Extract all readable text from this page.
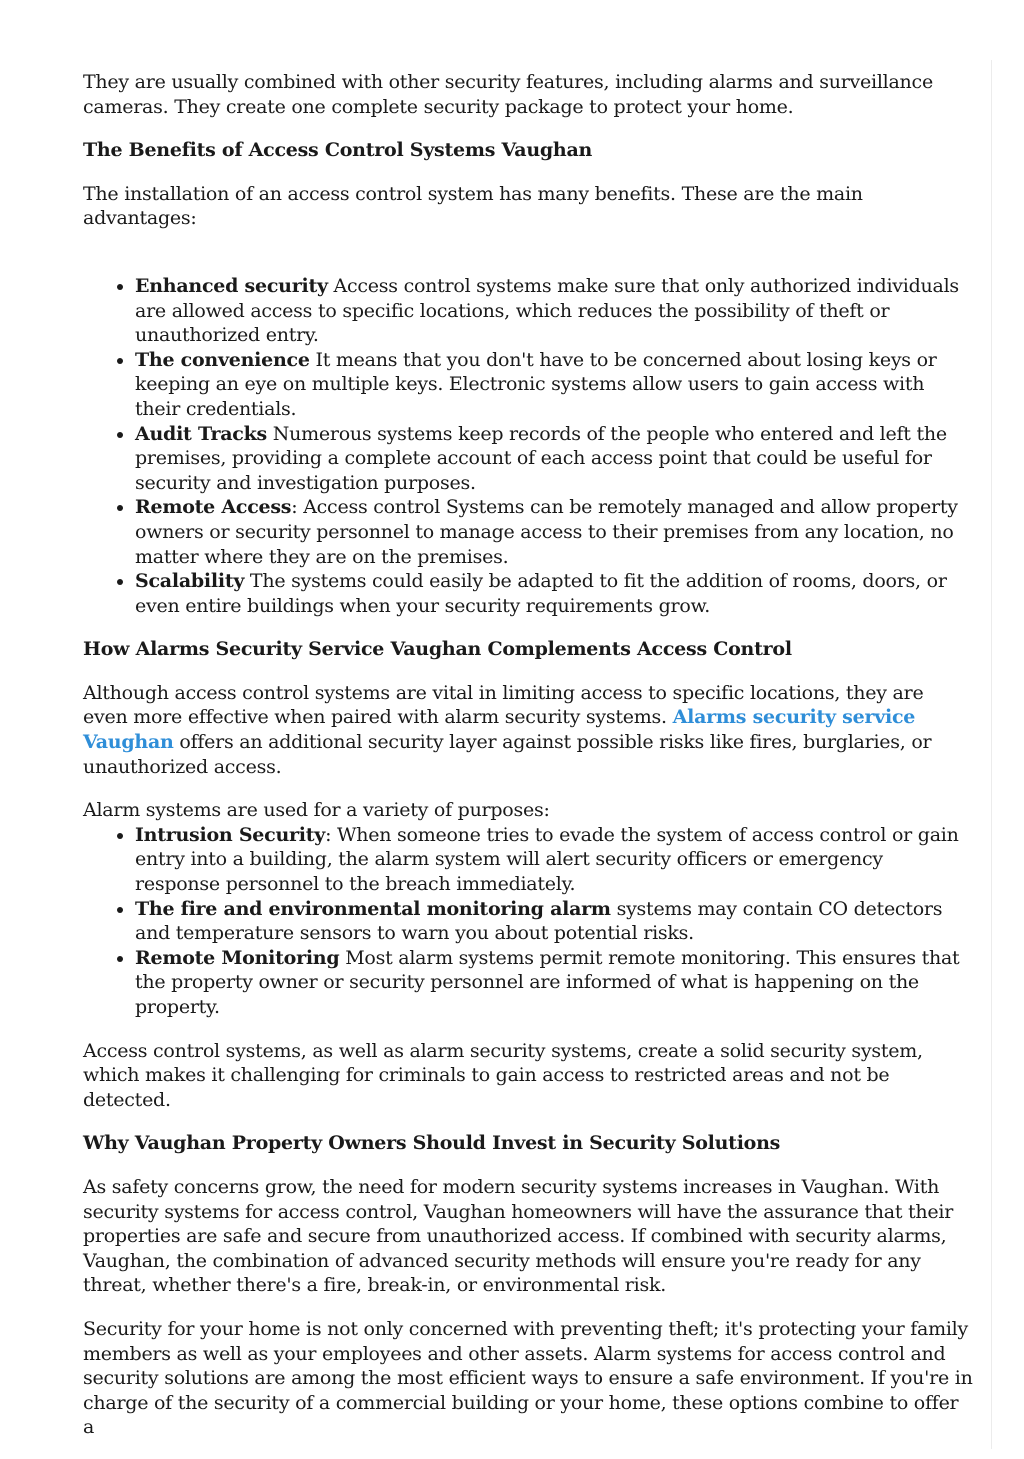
They are usually combined with other security features, including alarms and surveillance cameras. They create one complete security package to protect your home.

The Benefits of Access Control Systems Vaughan

The installation of an access control system has many benefits. These are the main advantages:

• Enhanced security Access control systems make sure that only authorized individuals are allowed access to specific locations, which reduces the possibility of theft or unauthorized entry.
• The convenience It means that you don't have to be concerned about losing keys or keeping an eye on multiple keys. Electronic systems allow users to gain access with their credentials.
• Audit Tracks Numerous systems keep records of the people who entered and left the premises, providing a complete account of each access point that could be useful for security and investigation purposes.
• Remote Access: Access control Systems can be remotely managed and allow property owners or security personnel to manage access to their premises from any location, no matter where they are on the premises.
• Scalability The systems could easily be adapted to fit the addition of rooms, doors, or even entire buildings when your security requirements grow.
How Alarms Security Service Vaughan Complements Access Control

Although access control systems are vital in limiting access to specific locations, they are even more effective when paired with alarm security systems. Alarms security service Vaughan offers an additional security layer against possible risks like fires, burglaries, or unauthorized access.

Alarm systems are used for a variety of purposes:

• Intrusion Security: When someone tries to evade the system of access control or gain entry into a building, the alarm system will alert security officers or emergency response personnel to the breach immediately.
• The fire and environmental monitoring alarm systems may contain CO detectors and temperature sensors to warn you about potential risks.
• Remote Monitoring Most alarm systems permit remote monitoring. This ensures that the property owner or security personnel are informed of what is happening on the property.

Access control systems, as well as alarm security systems, create a solid security system, which makes it challenging for criminals to gain access to restricted areas and not be detected.

Why Vaughan Property Owners Should Invest in Security Solutions

As safety concerns grow, the need for modern security systems increases in Vaughan. With security systems for access control, Vaughan homeowners will have the assurance that their properties are safe and secure from unauthorized access. If combined with security alarms, Vaughan, the combination of advanced security methods will ensure you're ready for any threat, whether there's a fire, break-in, or environmental risk.

Security for your home is not only concerned with preventing theft; it's protecting your family members as well as your employees and other assets. Alarm systems for access control and security solutions are among the most efficient ways to ensure a safe environment. If you're in charge of the security of a commercial building or your home, these options combine to offer a
